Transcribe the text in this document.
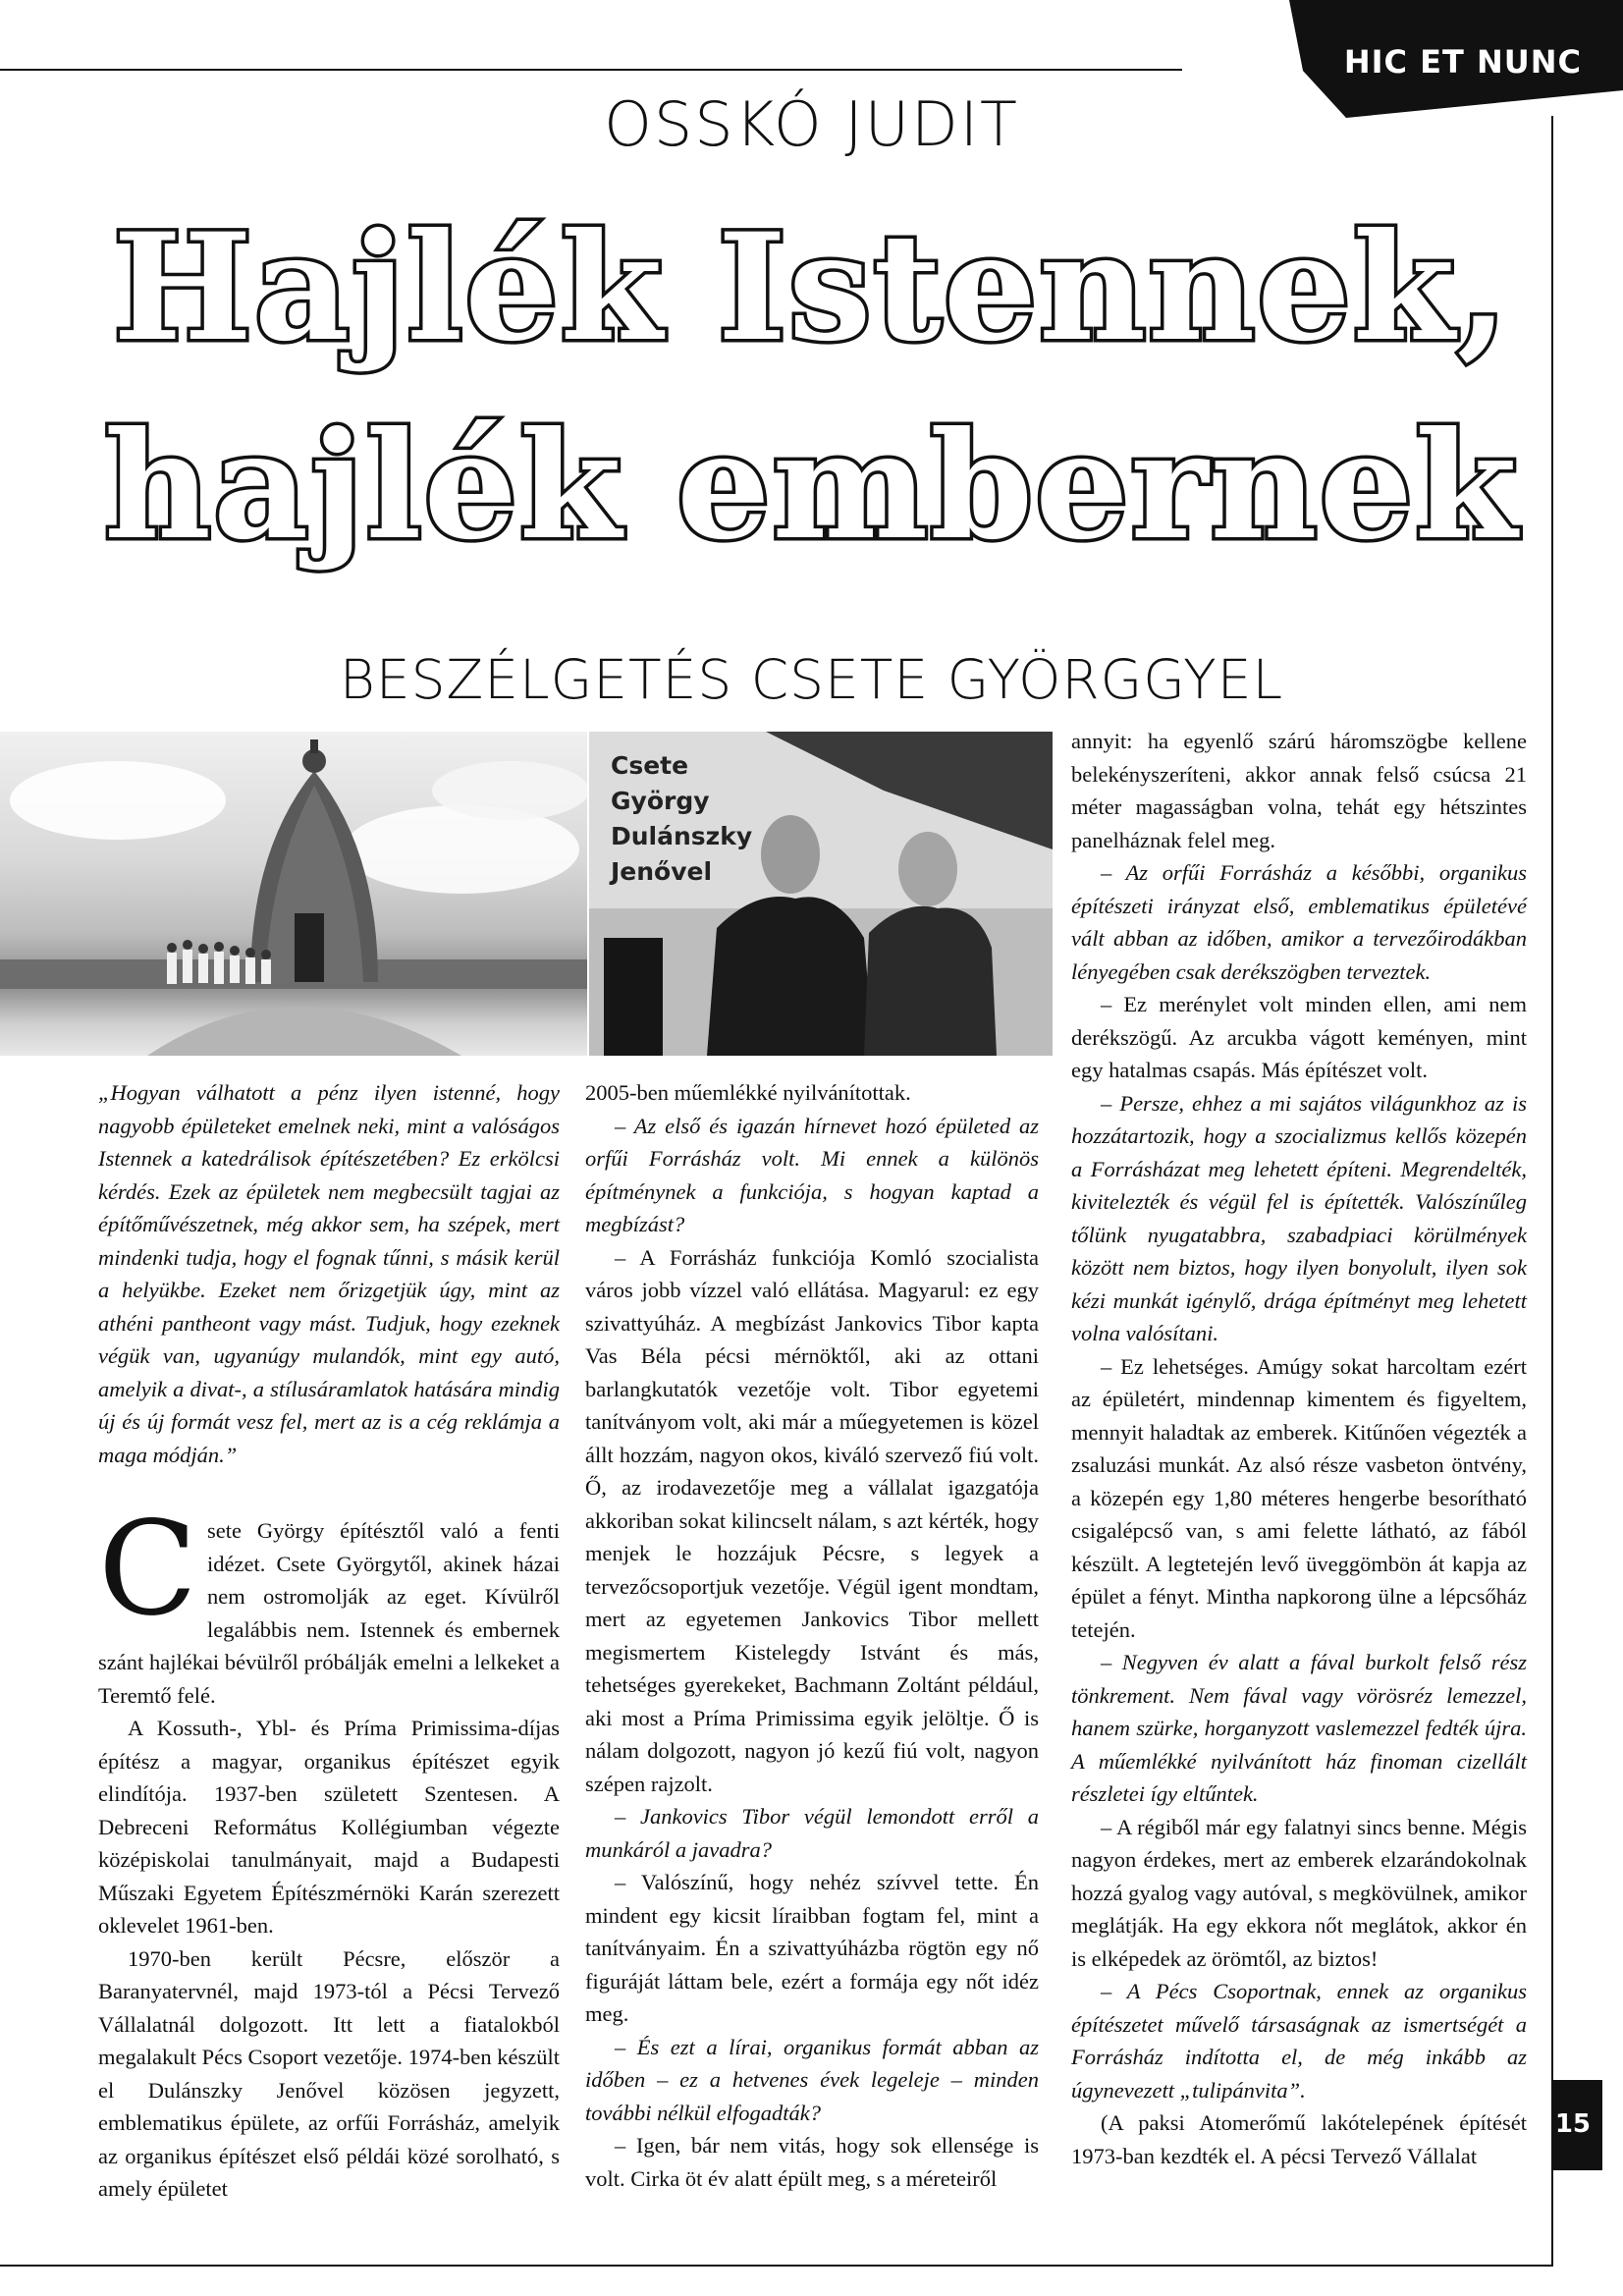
HIC ET NUNC
OSSKÓ JUDIT
Hajlék Istennek,
hajlék embernek
BESZÉLGETÉS CSETE GYÖRGGYEL
Csete György Dulánszky Jenővel

„Hogyan válhatott a pénz ilyen istenné, hogy nagyobb épületeket emelnek neki, mint a valóságos Istennek a katedrálisok építészetében? Ez erkölcsi kérdés. Ezek az épületek nem megbecsült tagjai az építőművészetnek, még akkor sem, ha szépek, mert mindenki tudja, hogy el fognak tűnni, s másik kerül a helyükbe. Ezeket nem őrizgetjük úgy, mint az athéni pantheont vagy mást. Tudjuk, hogy ezeknek végük van, ugyanúgy mulandók, mint egy autó, amelyik a divat-, a stílusáramlatok hatására mindig új és új formát vesz fel, mert az is a cég reklámja a maga módján.”

Csete György építésztől való a fenti idézet. Csete Györgytől, akinek házai nem ostromolják az eget. Kívülről legalábbis nem. Istennek és embernek szánt hajlékai bévülről próbálják emelni a lelkeket a Teremtő felé.

A Kossuth-, Ybl- és Príma Primissima-díjas építész a magyar, organikus építészet egyik elindítója. 1937-ben született Szentesen. A Debreceni Református Kollégiumban végezte középiskolai tanulmányait, majd a Budapesti Műszaki Egyetem Építészmérnöki Karán szerezett oklevelet 1961-ben.

1970-ben került Pécsre, először a Baranyatervnél, majd 1973-tól a Pécsi Tervező Vállalatnál dolgozott. Itt lett a fiatalokból megalakult Pécs Csoport vezetője. 1974-ben készült el Dulánszky Jenővel közösen jegyzett, emblematikus épülete, az orfűi Forrásház, amelyik az organikus építészet első példái közé sorolható, s amely épületet

2005-ben műemlékké nyilvánítottak.

– Az első és igazán hírnevet hozó épületed az orfűi Forrásház volt. Mi ennek a különös építménynek a funkciója, s hogyan kaptad a megbízást?

– A Forrásház funkciója Komló szocialista város jobb vízzel való ellátása. Magyarul: ez egy szivattyúház. A megbízást Jankovics Tibor kapta Vas Béla pécsi mérnöktől, aki az ottani barlangkutatók vezetője volt. Tibor egyetemi tanítványom volt, aki már a műegyetemen is közel állt hozzám, nagyon okos, kiváló szervező fiú volt. Ő, az irodavezetője meg a vállalat igazgatója akkoriban sokat kilincselt nálam, s azt kérték, hogy menjek le hozzájuk Pécsre, s legyek a tervezőcsoportjuk vezetője. Végül igent mondtam, mert az egyetemen Jankovics Tibor mellett megismertem Kistelegdy Istvánt és más, tehetséges gyerekeket, Bachmann Zoltánt például, aki most a Príma Primissima egyik jelöltje. Ő is nálam dolgozott, nagyon jó kezű fiú volt, nagyon szépen rajzolt.

– Jankovics Tibor végül lemondott erről a munkáról a javadra?

– Valószínű, hogy nehéz szívvel tette. Én mindent egy kicsit líraibban fogtam fel, mint a tanítványaim. Én a szivattyúházba rögtön egy nő figuráját láttam bele, ezért a formája egy nőt idéz meg.

– És ezt a lírai, organikus formát abban az időben – ez a hetvenes évek legeleje – minden további nélkül elfogadták?

– Igen, bár nem vitás, hogy sok ellensége is volt. Cirka öt év alatt épült meg, s a méreteiről

annyit: ha egyenlő szárú háromszögbe kellene belekényszeríteni, akkor annak felső csúcsa 21 méter magasságban volna, tehát egy hétszintes panelháznak felel meg.

– Az orfűi Forrásház a későbbi, organikus építészeti irányzat első, emblematikus épületévé vált abban az időben, amikor a tervezőirodákban lényegében csak derékszögben terveztek.

– Ez merénylet volt minden ellen, ami nem derékszögű. Az arcukba vágott keményen, mint egy hatalmas csapás. Más építészet volt.

– Persze, ehhez a mi sajátos világunkhoz az is hozzátartozik, hogy a szocializmus kellős közepén a Forrásházat meg lehetett építeni. Megrendelték, kivitelezték és végül fel is építették. Valószínűleg tőlünk nyugatabbra, szabadpiaci körülmények között nem biztos, hogy ilyen bonyolult, ilyen sok kézi munkát igénylő, drága építményt meg lehetett volna valósítani.

– Ez lehetséges. Amúgy sokat harcoltam ezért az épületért, mindennap kimentem és figyeltem, mennyit haladtak az emberek. Kitűnően végezték a zsaluzási munkát. Az alsó része vasbeton öntvény, a közepén egy 1,80 méteres hengerbe besorítható csigalépcső van, s ami felette látható, az fából készült. A legtetején levő üveggömbön át kapja az épület a fényt. Mintha napkorong ülne a lépcsőház tetején.

– Negyven év alatt a fával burkolt felső rész tönkrement. Nem fával vagy vörösréz lemezzel, hanem szürke, horganyzott vaslemezzel fedték újra. A műemlékké nyilvánított ház finoman cizellált részletei így eltűntek.

– A régiből már egy falatnyi sincs benne. Mégis nagyon érdekes, mert az emberek elzarándokolnak hozzá gyalog vagy autóval, s megkövülnek, amikor meglátják. Ha egy ekkora nőt meglátok, akkor én is elképedek az örömtől, az biztos!

– A Pécs Csoportnak, ennek az organikus építészetet művelő társaságnak az ismertségét a Forrásház indította el, de még inkább az úgynevezett „tulipánvita”.

(A paksi Atomerőmű lakótelepének építését 1973-ban kezdték el. A pécsi Tervező Vállalat

15
